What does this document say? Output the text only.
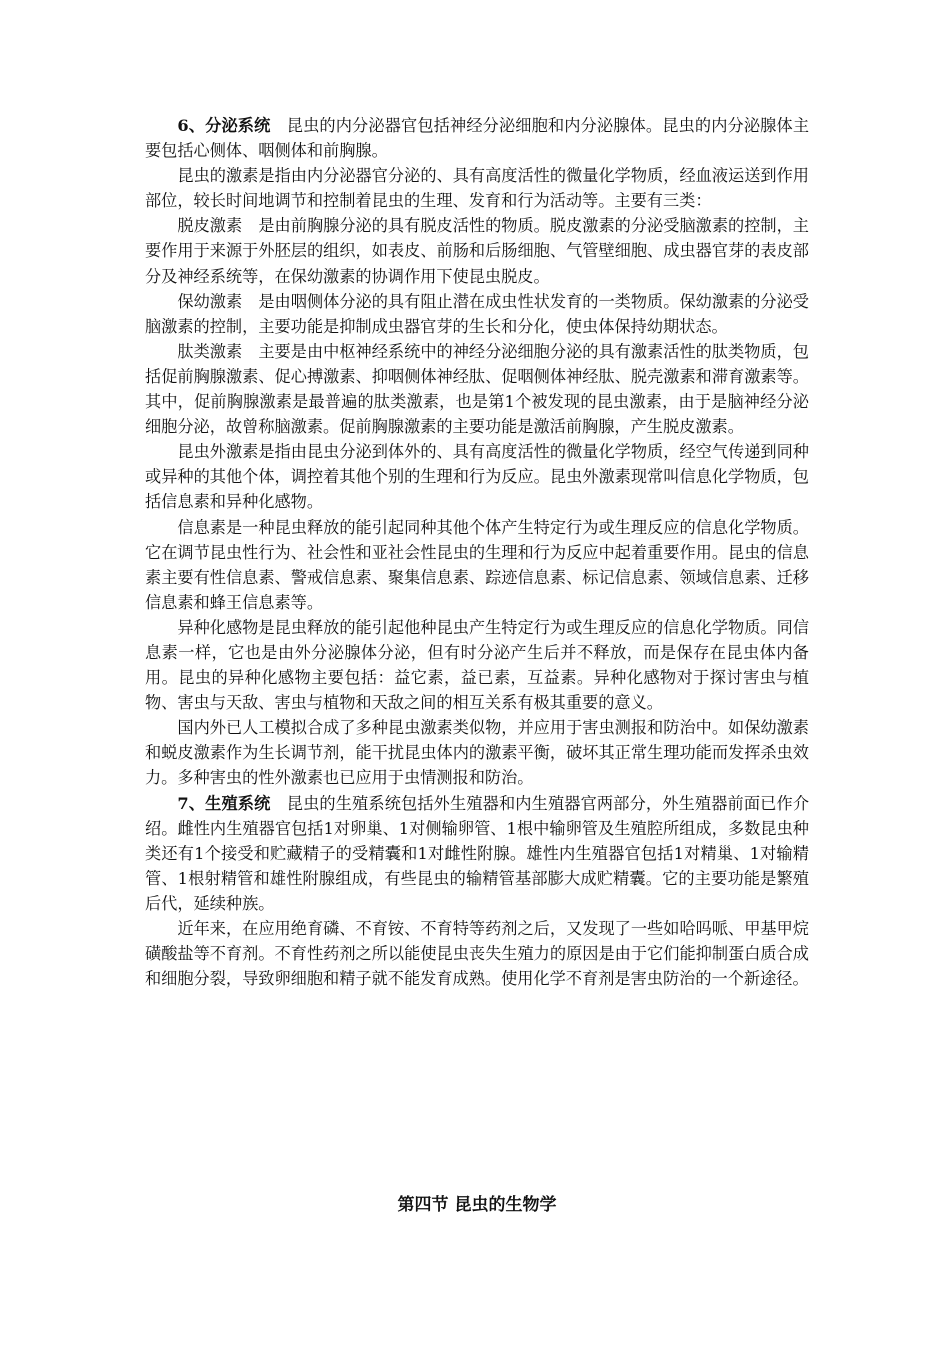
6、分泌系统 昆虫的内分泌器官包括神经分泌细胞和内分泌腺体。昆虫的内分泌腺体主要包括心侧体、咽侧体和前胸腺。

昆虫的激素是指由内分泌器官分泌的、具有高度活性的微量化学物质，经血液运送到作用部位，较长时间地调节和控制着昆虫的生理、发育和行为活动等。主要有三类：

脱皮激素 是由前胸腺分泌的具有脱皮活性的物质。脱皮激素的分泌受脑激素的控制，主要作用于来源于外胚层的组织，如表皮、前肠和后肠细胞、气管壁细胞、成虫器官芽的表皮部分及神经系统等，在保幼激素的协调作用下使昆虫脱皮。

保幼激素 是由咽侧体分泌的具有阻止潜在成虫性状发育的一类物质。保幼激素的分泌受脑激素的控制，主要功能是抑制成虫器官芽的生长和分化，使虫体保持幼期状态。

肽类激素 主要是由中枢神经系统中的神经分泌细胞分泌的具有激素活性的肽类物质，包括促前胸腺激素、促心搏激素、抑咽侧体神经肽、促咽侧体神经肽、脱壳激素和滞育激素等。其中，促前胸腺激素是最普遍的肽类激素，也是第1个被发现的昆虫激素，由于是脑神经分泌细胞分泌，故曾称脑激素。促前胸腺激素的主要功能是激活前胸腺，产生脱皮激素。

昆虫外激素是指由昆虫分泌到体外的、具有高度活性的微量化学物质，经空气传递到同种或异种的其他个体，调控着其他个别的生理和行为反应。昆虫外激素现常叫信息化学物质，包括信息素和异种化感物。

信息素是一种昆虫释放的能引起同种其他个体产生特定行为或生理反应的信息化学物质。它在调节昆虫性行为、社会性和亚社会性昆虫的生理和行为反应中起着重要作用。昆虫的信息素主要有性信息素、警戒信息素、聚集信息素、踪迹信息素、标记信息素、领域信息素、迁移信息素和蜂王信息素等。

异种化感物是昆虫释放的能引起他种昆虫产生特定行为或生理反应的信息化学物质。同信息素一样，它也是由外分泌腺体分泌，但有时分泌产生后并不释放，而是保存在昆虫体内备用。昆虫的异种化感物主要包括：益它素，益已素，互益素。异种化感物对于探讨害虫与植物、害虫与天敌、害虫与植物和天敌之间的相互关系有极其重要的意义。

国内外已人工模拟合成了多种昆虫激素类似物，并应用于害虫测报和防治中。如保幼激素和蜕皮激素作为生长调节剂，能干扰昆虫体内的激素平衡，破坏其正常生理功能而发挥杀虫效力。多种害虫的性外激素也已应用于虫情测报和防治。

7、生殖系统 昆虫的生殖系统包括外生殖器和内生殖器官两部分，外生殖器前面已作介绍。雌性内生殖器官包括1对卵巢、1对侧输卵管、1根中输卵管及生殖腔所组成，多数昆虫种类还有1个接受和贮藏精子的受精囊和1对雌性附腺。雄性内生殖器官包括1对精巢、1对输精管、1根射精管和雄性附腺组成，有些昆虫的输精管基部膨大成贮精囊。它的主要功能是繁殖后代，延续种族。

近年来，在应用绝育磷、不育铵、不育特等药剂之后，又发现了一些如哈吗哌、甲基甲烷磺酸盐等不育剂。不育性药剂之所以能使昆虫丧失生殖力的原因是由于它们能抑制蛋白质合成和细胞分裂，导致卵细胞和精子就不能发育成熟。使用化学不育剂是害虫防治的一个新途径。

第四节 昆虫的生物学
